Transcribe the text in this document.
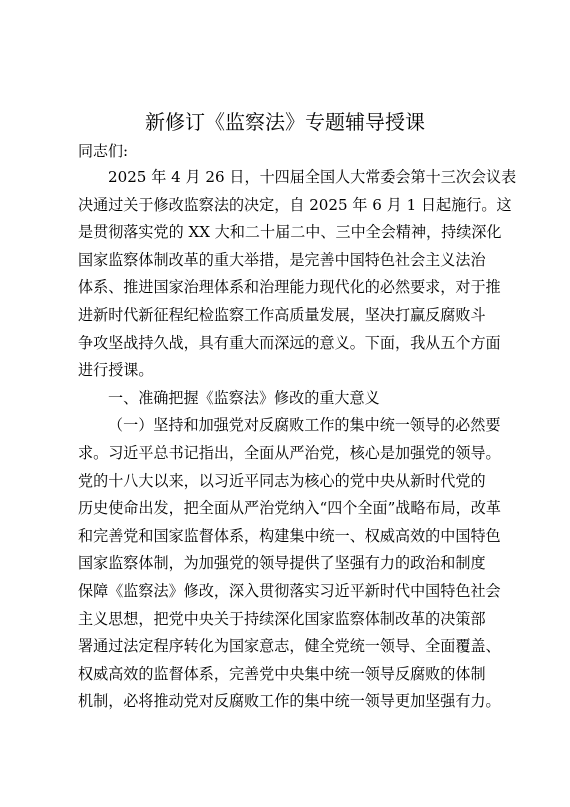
新修订《监察法》专题辅导授课
同志们:
2025 年 4 月 26 日，十四届全国人大常委会第十三次会议表
决通过关于修改监察法的决定，自 2025 年 6 月 1 日起施行。这
是贯彻落实党的 XX 大和二十届二中、三中全会精神，持续深化
国家监察体制改革的重大举措，是完善中国特色社会主义法治
体系、推进国家治理体系和治理能力现代化的必然要求，对于推
进新时代新征程纪检监察工作高质量发展，坚决打赢反腐败斗
争攻坚战持久战，具有重大而深远的意义。下面，我从五个方面
进行授课。
一、准确把握《监察法》修改的重大意义
（一）坚持和加强党对反腐败工作的集中统一领导的必然要
求。习近平总书记指出，全面从严治党，核心是加强党的领导。
党的十八大以来，以习近平同志为核心的党中央从新时代党的
历史使命出发，把全面从严治党纳入“四个全面”战略布局，改革
和完善党和国家监督体系，构建集中统一、权威高效的中国特色
国家监察体制，为加强党的领导提供了坚强有力的政治和制度
保障《监察法》修改，深入贯彻落实习近平新时代中国特色社会
主义思想，把党中央关于持续深化国家监察体制改革的决策部
署通过法定程序转化为国家意志，健全党统一领导、全面覆盖、
权威高效的监督体系，完善党中央集中统一领导反腐败的体制
机制，必将推动党对反腐败工作的集中统一领导更加坚强有力。
